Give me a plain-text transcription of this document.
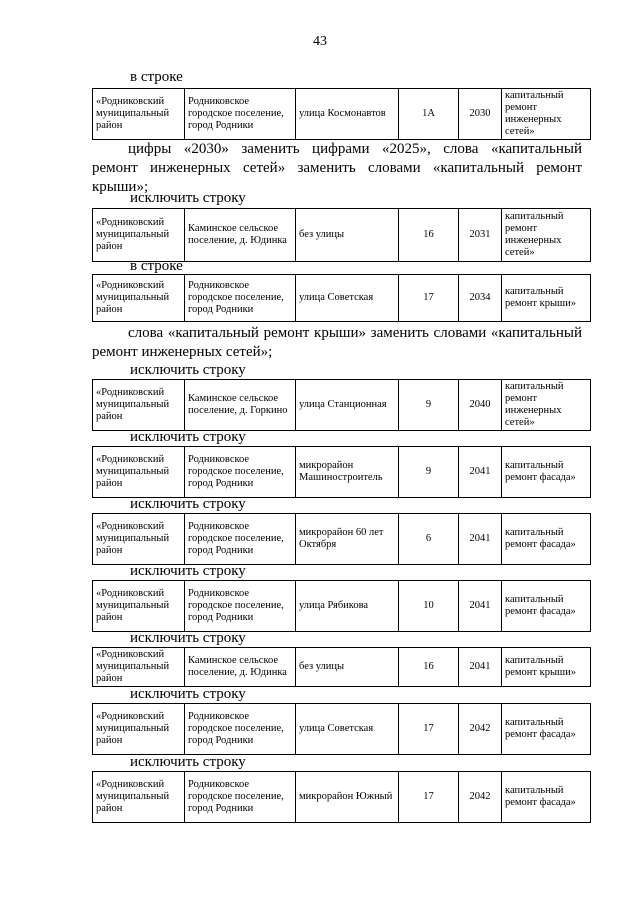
43
в строке
«Родниковский муниципальный район	Родниковское городское поселение, город Родники	улица Космонавтов	1А	2030	капитальный ремонт инженерных сетей»
цифры «2030» заменить цифрами «2025», слова «капитальный
ремонт инженерных сетей» заменить словами «капитальный ремонт
крыши»;
исключить строку
«Родниковский муниципальный район	Каминское сельское поселение, д. Юдинка	без улицы	16	2031	капитальный ремонт инженерных сетей»
в строке
«Родниковский муниципальный район	Родниковское городское поселение, город Родники	улица Советская	17	2034	капитальный ремонт крыши»
слова «капитальный ремонт крыши» заменить словами «капитальный
ремонт инженерных сетей»;
исключить строку
«Родниковский муниципальный район	Каминское сельское поселение, д. Горкино	улица Станционная	9	2040	капитальный ремонт инженерных сетей»
исключить строку
«Родниковский муниципальный район	Родниковское городское поселение, город Родники	микрорайон Машиностроитель	9	2041	капитальный ремонт фасада»
исключить строку
«Родниковский муниципальный район	Родниковское городское поселение, город Родники	микрорайон 60 лет Октября	6	2041	капитальный ремонт фасада»
исключить строку
«Родниковский муниципальный район	Родниковское городское поселение, город Родники	улица Рябикова	10	2041	капитальный ремонт фасада»
исключить строку
«Родниковский муниципальный район	Каминское сельское поселение, д. Юдинка	без улицы	16	2041	капитальный ремонт крыши»
исключить строку
«Родниковский муниципальный район	Родниковское городское поселение, город Родники	улица Советская	17	2042	капитальный ремонт фасада»
исключить строку
«Родниковский муниципальный район	Родниковское городское поселение, город Родники	микрорайон Южный	17	2042	капитальный ремонт фасада»
